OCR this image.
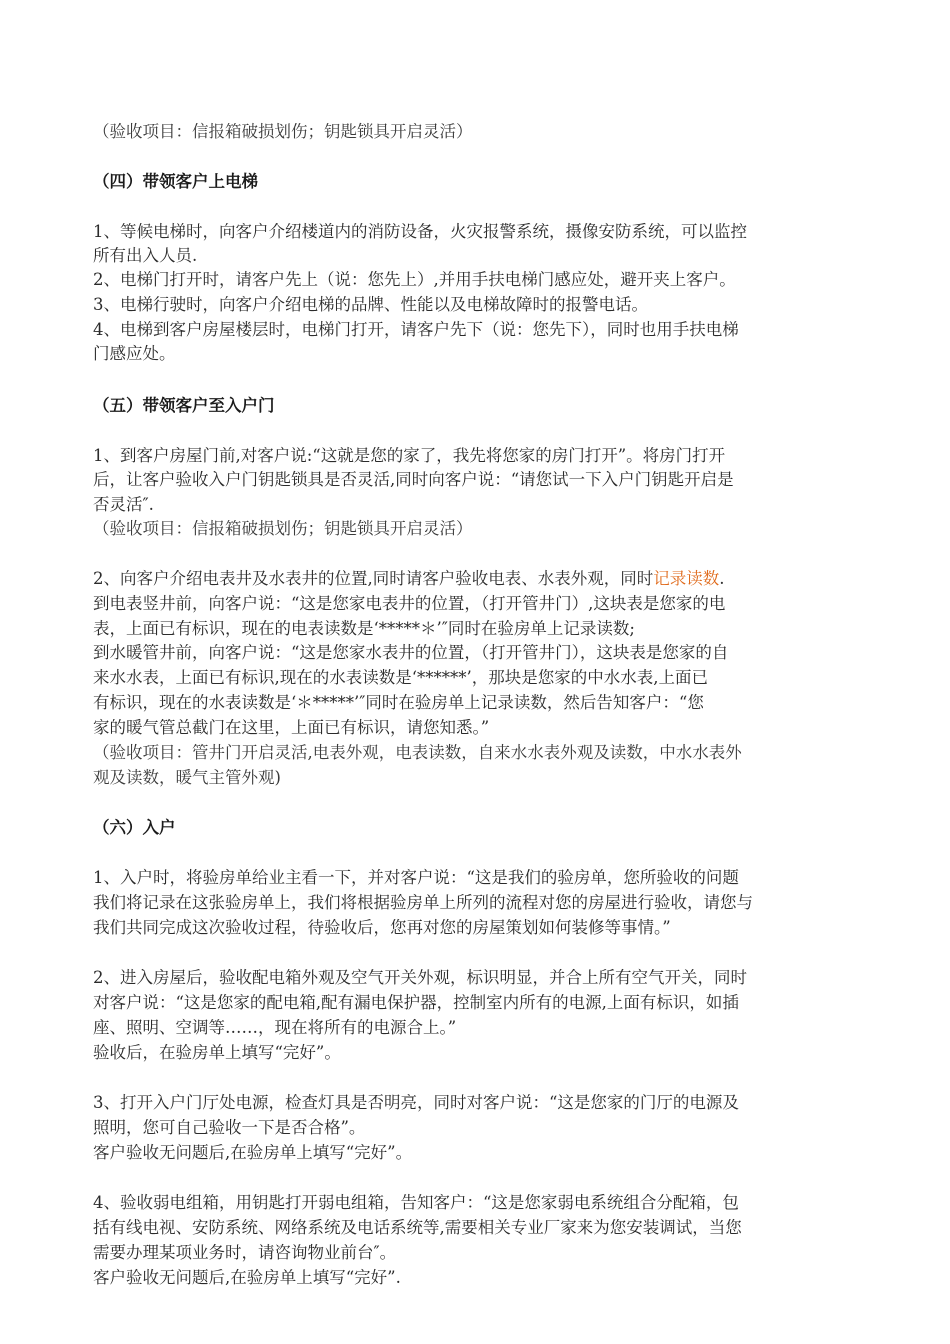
（验收项目：信报箱破损划伤；钥匙锁具开启灵活）
（四）带领客户上电梯
1、等候电梯时，向客户介绍楼道内的消防设备，火灾报警系统，摄像安防系统，可以监控
所有出入人员.
2、电梯门打开时，请客户先上（说：您先上）,并用手扶电梯门感应处，避开夹上客户。
3、电梯行驶时，向客户介绍电梯的品牌、性能以及电梯故障时的报警电话。
4、电梯到客户房屋楼层时，电梯门打开，请客户先下（说：您先下），同时也用手扶电梯
门感应处。
（五）带领客户至入户门
1、到客户房屋门前,对客户说:“这就是您的家了，我先将您家的房门打开”。将房门打开
后，让客户验收入户门钥匙锁具是否灵活,同时向客户说：“请您试一下入户门钥匙开启是
否灵活″.
（验收项目：信报箱破损划伤；钥匙锁具开启灵活）
2、向客户介绍电表井及水表井的位置,同时请客户验收电表、水表外观，同时记录读数.
到电表竖井前，向客户说：“这是您家电表井的位置，（打开管井门）,这块表是您家的电
表，上面已有标识，现在的电表读数是‘*****＊’″同时在验房单上记录读数;
到水暖管井前，向客户说：“这是您家水表井的位置，（打开管井门），这块表是您家的自
来水水表，上面已有标识,现在的水表读数是‘******’，那块是您家的中水水表,上面已
有标识，现在的水表读数是‘＊*****’″同时在验房单上记录读数，然后告知客户：“您
家的暖气管总截门在这里，上面已有标识，请您知悉。”
（验收项目：管井门开启灵活,电表外观，电表读数，自来水水表外观及读数，中水水表外
观及读数，暖气主管外观)
（六）入户
1、入户时，将验房单给业主看一下，并对客户说：“这是我们的验房单，您所验收的问题
我们将记录在这张验房单上，我们将根据验房单上所列的流程对您的房屋进行验收，请您与
我们共同完成这次验收过程，待验收后，您再对您的房屋策划如何装修等事情。”
2、进入房屋后，验收配电箱外观及空气开关外观，标识明显，并合上所有空气开关，同时
对客户说：“这是您家的配电箱,配有漏电保护器，控制室内所有的电源,上面有标识，如插
座、照明、空调等……，现在将所有的电源合上。”
验收后，在验房单上填写“完好”。
3、打开入户门厅处电源，检查灯具是否明亮，同时对客户说：“这是您家的门厅的电源及
照明，您可自己验收一下是否合格”。
客户验收无问题后,在验房单上填写“完好”。
4、验收弱电组箱，用钥匙打开弱电组箱，告知客户：“这是您家弱电系统组合分配箱，包
括有线电视、安防系统、网络系统及电话系统等,需要相关专业厂家来为您安装调试，当您
需要办理某项业务时，请咨询物业前台″。
客户验收无问题后,在验房单上填写“完好”.
